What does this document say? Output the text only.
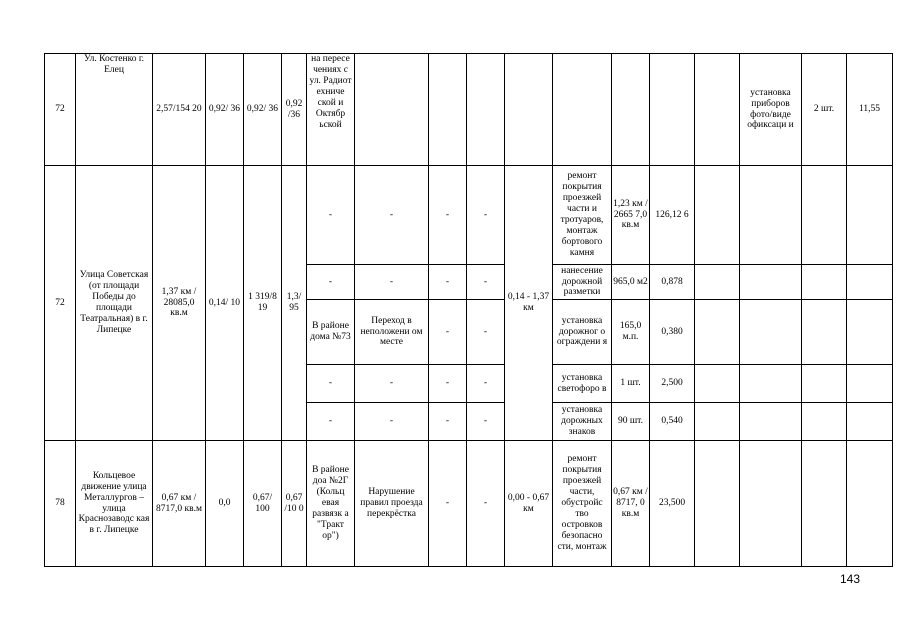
72	Ул. Костенко г. Елец	2,57/154 20	0,92/ 36	0,92/ 36	0,92 /36	на пересе чениях с ул. Радиот ехниче ской и Октябр ьской									установка приборов фото/виде офиксаци и	2 шт.	11,55
72	Улица Советская (от площади Победы до площади Театральная) в г. Липецке	1,37 км / 28085,0 кв.м	0,14/ 10	1 319/8 19	1,3/ 95	-	-	-	-	0,14 - 1,37 км	ремонт покрытия проезжей части и тротуаров, монтаж бортового камня	1,23 км / 2665 7,0 кв.м	126,12 6				
						-	-	-	-		нанесение дорожной разметки	965,0 м2	0,878				
						В районе дома №73	Переход в неположени ом месте	-	-		установка дорожног о ограждени я	165,0 м.п.	0,380				
						-	-	-	-		установка светофоро в	1 шт.	2,500				
						-	-	-	-		установка дорожных знаков	90 шт.	0,540				
78	Кольцевое движение улица Металлургов – улица Краснозаводс кая в г. Липецке	0,67 км / 8717,0 кв.м	0,0	0,67/ 100	0,67 /10 0	В районе доа №2Г (Кольц евая развязк а "Тракт ор")	Нарушение правил проезда перекрёстка	-	-	0,00 - 0,67 км	ремонт покрытия проезжей части, обустройс тво островков безопасно сти, монтаж	0,67 км / 8717, 0 кв.м	23,500				
143
